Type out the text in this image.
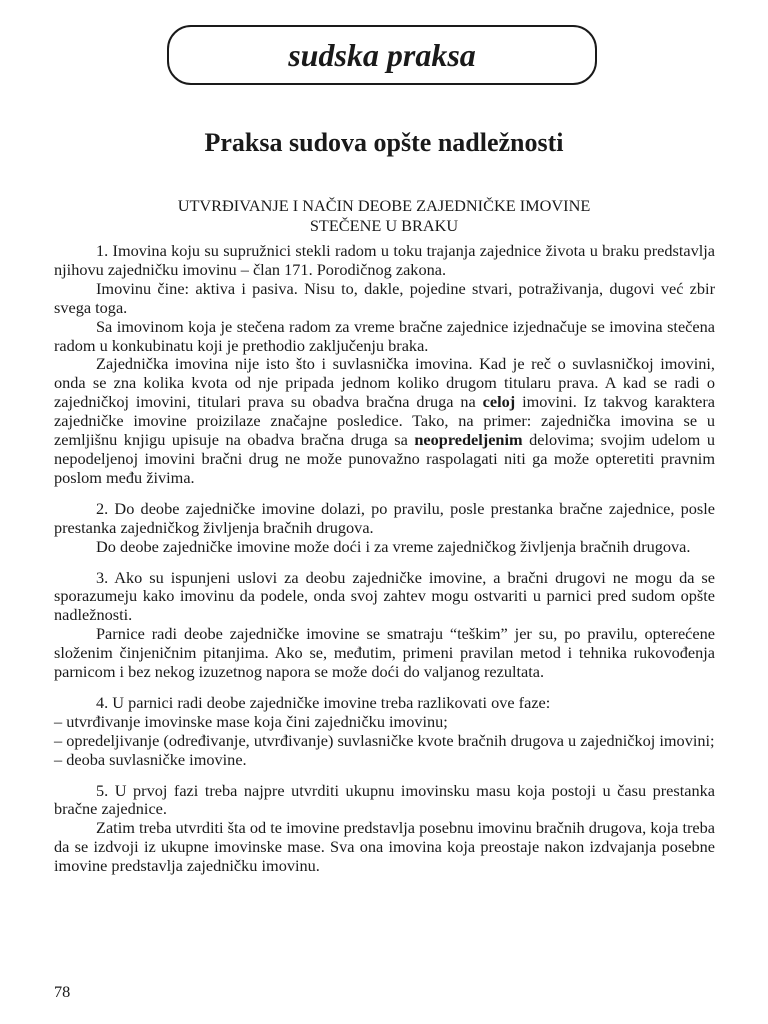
sudska praksa
Praksa sudova opšte nadležnosti
UTVRĐIVANJE I NAČIN DEOBE ZAJEDNIČKE IMOVINE
STEČENE U BRAKU

1. Imovina koju su supružnici stekli radom u toku trajanja zajednice života u braku predstavlja njihovu zajedničku imovinu – član 171. Porodičnog zakona.

Imovinu čine: aktiva i pasiva. Nisu to, dakle, pojedine stvari, potraživanja, dugovi već zbir svega toga.

Sa imovinom koja je stečena radom za vreme bračne zajednice izjednačuje se imovina stečena radom u konkubinatu koji je prethodio zaključenju braka.

Zajednička imovina nije isto što i suvlasnička imovina. Kad je reč o suvlasničkoj imovini, onda se zna kolika kvota od nje pripada jednom koliko drugom titularu prava. A kad se radi o zajedničkoj imovini, titulari prava su obadva bračna druga na celoj imovini. Iz takvog karaktera zajedničke imovine proizilaze značajne posledice. Tako, na primer: zajednička imovina se u zemljišnu knjigu upisuje na obadva bračna druga sa neopredeljenim delovima; svojim udelom u nepodeljenoj imovini bračni drug ne može punovažno raspolagati niti ga može opteretiti pravnim poslom među živima.

2. Do deobe zajedničke imovine dolazi, po pravilu, posle prestanka bračne zajednice, posle prestanka zajedničkog življenja bračnih drugova.

Do deobe zajedničke imovine može doći i za vreme zajedničkog življenja bračnih drugova.

3. Ako su ispunjeni uslovi za deobu zajedničke imovine, a bračni drugovi ne mogu da se sporazumeju kako imovinu da podele, onda svoj zahtev mogu ostvariti u parnici pred sudom opšte nadležnosti.

Parnice radi deobe zajedničke imovine se smatraju “teškim” jer su, po pravilu, opterećene složenim činjeničnim pitanjima. Ako se, međutim, primeni pravilan metod i tehnika rukovođenja parnicom i bez nekog izuzetnog napora se može doći do valjanog rezultata.

4. U parnici radi deobe zajedničke imovine treba razlikovati ove faze:

– utvrđivanje imovinske mase koja čini zajedničku imovinu;

– opredeljivanje (određivanje, utvrđivanje) suvlasničke kvote bračnih drugova u zajedničkoj imovini;

– deoba suvlasničke imovine.

5. U prvoj fazi treba najpre utvrditi ukupnu imovinsku masu koja postoji u času prestanka bračne zajednice.

Zatim treba utvrditi šta od te imovine predstavlja posebnu imovinu bračnih drugova, koja treba da se izdvoji iz ukupne imovinske mase. Sva ona imovina koja preostaje nakon izdvajanja posebne imovine predstavlja zajedničku imovinu.

78
